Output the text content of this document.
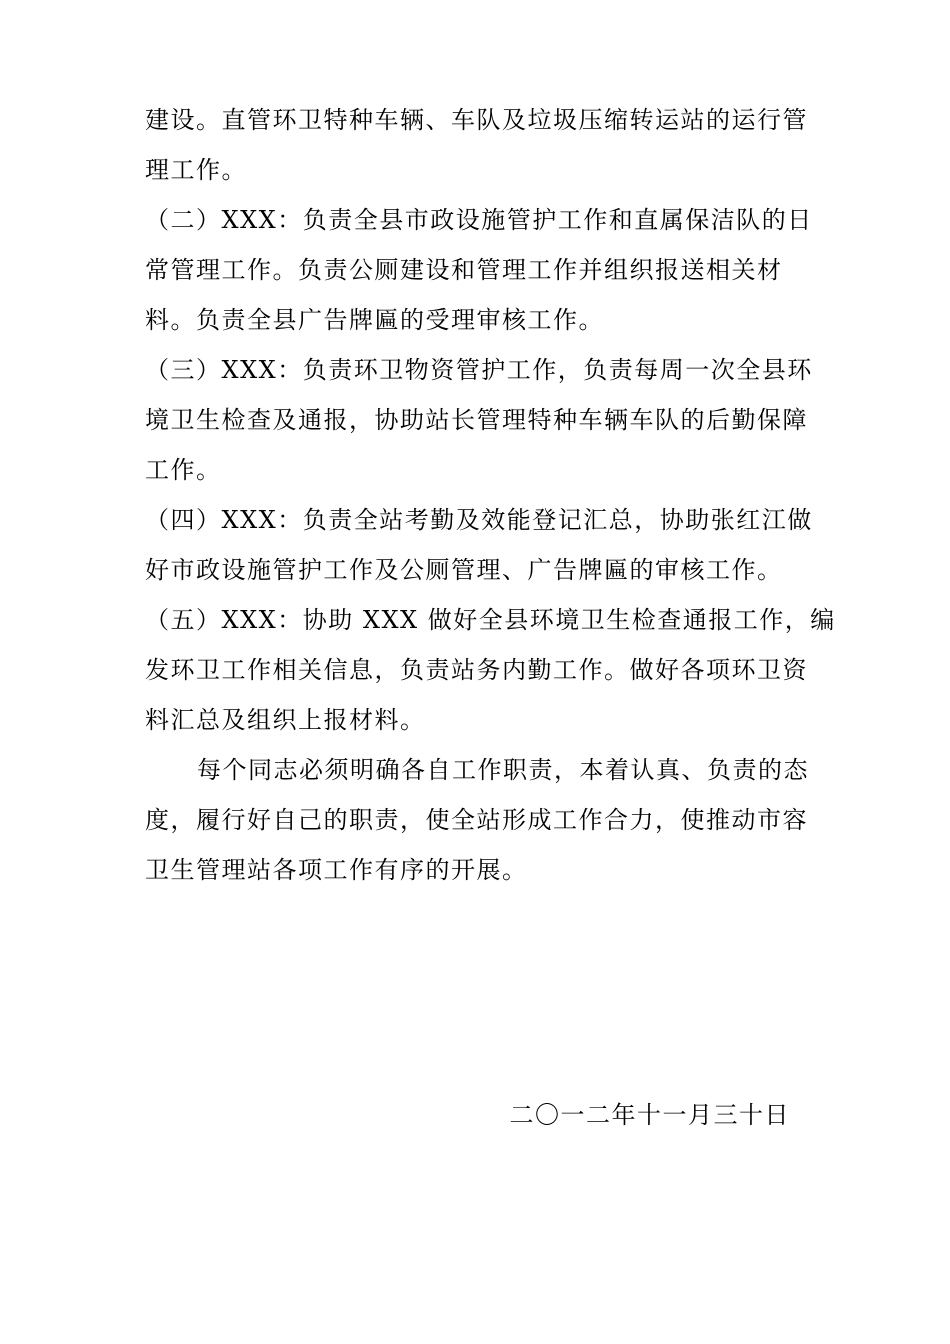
建设。直管环卫特种车辆、车队及垃圾压缩转运站的运行管
理工作。
（二）XXX：负责全县市政设施管护工作和直属保洁队的日
常管理工作。负责公厕建设和管理工作并组织报送相关材
料。负责全县广告牌匾的受理审核工作。
（三）XXX：负责环卫物资管护工作，负责每周一次全县环
境卫生检查及通报，协助站长管理特种车辆车队的后勤保障
工作。
（四）XXX：负责全站考勤及效能登记汇总，协助张红江做
好市政设施管护工作及公厕管理、广告牌匾的审核工作。
（五）XXX：协助 XXX 做好全县环境卫生检查通报工作，编
发环卫工作相关信息，负责站务内勤工作。做好各项环卫资
料汇总及组织上报材料。
每个同志必须明确各自工作职责，本着认真、负责的态
度，履行好自己的职责，使全站形成工作合力，使推动市容
卫生管理站各项工作有序的开展。
二〇一二年十一月三十日
